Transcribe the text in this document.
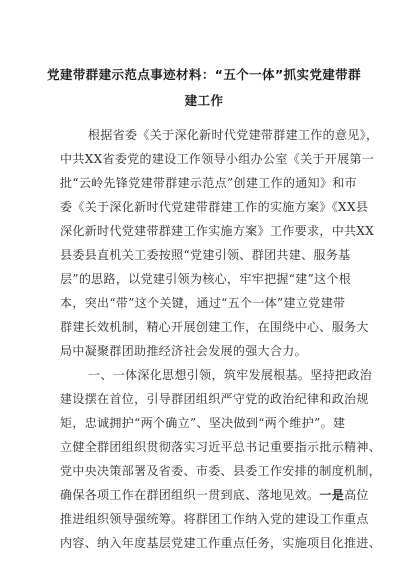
党建带群建示范点事迹材料：“五个一体”抓实党建带群
建工作
根据省委《关于深化新时代党建带群建工作的意见》，
中共XX省委党的建设工作领导小组办公室《关于开展第一
批“云岭先锋党建带群建示范点”创建工作的通知》和市
委《关于深化新时代党建带群建工作的实施方案》《XX县
深化新时代党建带群建工作实施方案》工作要求，中共XX
县委县直机关工委按照“党建引领、群团共建、服务基
层”的思路，以党建引领为核心，牢牢把握“建”这个根
本，突出“带”这个关键，通过“五个一体”建立党建带
群建长效机制，精心开展创建工作，在围绕中心、服务大
局中凝聚群团助推经济社会发展的强大合力。
一、一体深化思想引领，筑牢发展根基。坚持把政治
建设摆在首位，引导群团组织严守党的政治纪律和政治规
矩，忠诚拥护“两个确立”、坚决做到“两个维护”。建
立健全群团组织贯彻落实习近平总书记重要指示批示精神、
党中央决策部署及省委、市委、县委工作安排的制度机制，
确保各项工作在群团组织一贯到底、落地见效。一是高位
推进组织领导强统筹。将群团工作纳入党的建设工作重点
内容、纳入年度基层党建工作重点任务，实施项目化推进、
